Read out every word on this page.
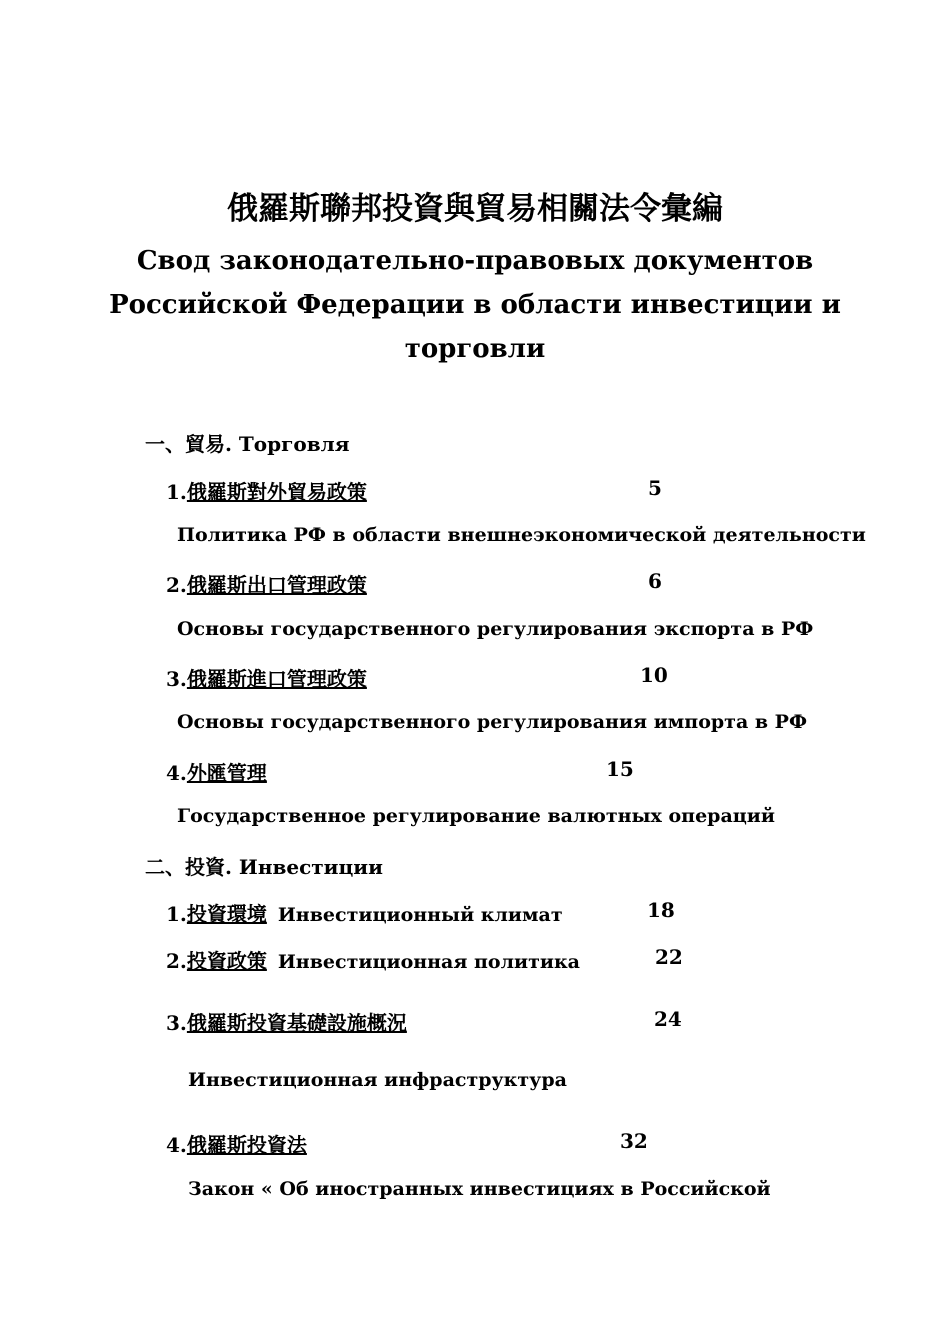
俄羅斯聯邦投資與貿易相關法令彙編
Свод законодательно-правовых документов
Российской Федерации в области инвестиции и
торговли
一、貿易. Торговля
1.俄羅斯對外貿易政策	5
Политика РФ в области внешнеэкономической деятельности
2.俄羅斯出口管理政策	6
Основы государственного регулирования экспорта в РФ
3.俄羅斯進口管理政策	10
Основы государственного регулирования импорта в РФ
4.外匯管理	15
Государственное регулирование валютных операций
二、投資. Инвестиции
1.投資環境 Инвестиционный климат	18
2.投資政策 Инвестиционная политика	22
3.俄羅斯投資基礎設施概況	24
Инвестиционная инфраструктура
4.俄羅斯投資法	32
Закон « Об иностранных инвестициях в Российской
